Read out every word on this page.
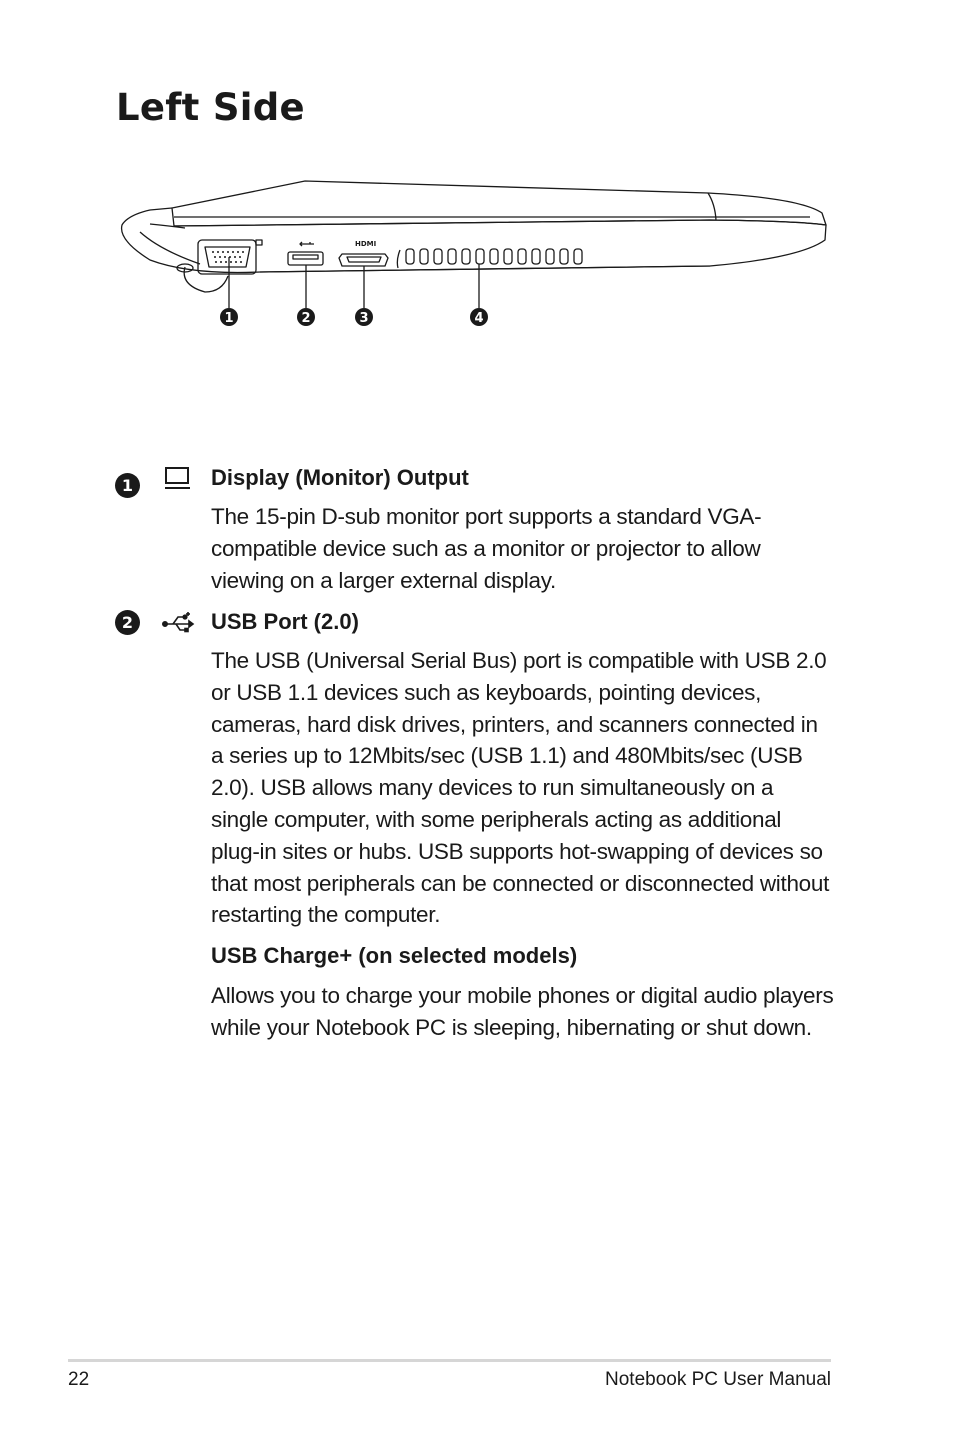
Left Side
HDMI
1	2	3	4
1	Display (Monitor) Output

The 15-pin D-sub monitor port supports a standard VGA-compatible device such as a monitor or projector to allow viewing on a larger external display.

2	USB Port (2.0)

The USB (Universal Serial Bus) port is compatible with USB 2.0 or USB 1.1 devices such as keyboards, pointing devices, cameras, hard disk drives, printers, and scanners connected in a series up to 12Mbits/sec (USB 1.1) and 480Mbits/sec (USB 2.0). USB allows many devices to run simultaneously on a single computer, with some peripherals acting as additional plug-in sites or hubs. USB supports hot-swapping of devices so that most peripherals can be connected or disconnected without restarting the computer.

USB Charge+ (on selected models)

Allows you to charge your mobile phones or digital audio players while your Notebook PC is sleeping, hibernating or shut down.

22	Notebook PC User Manual
